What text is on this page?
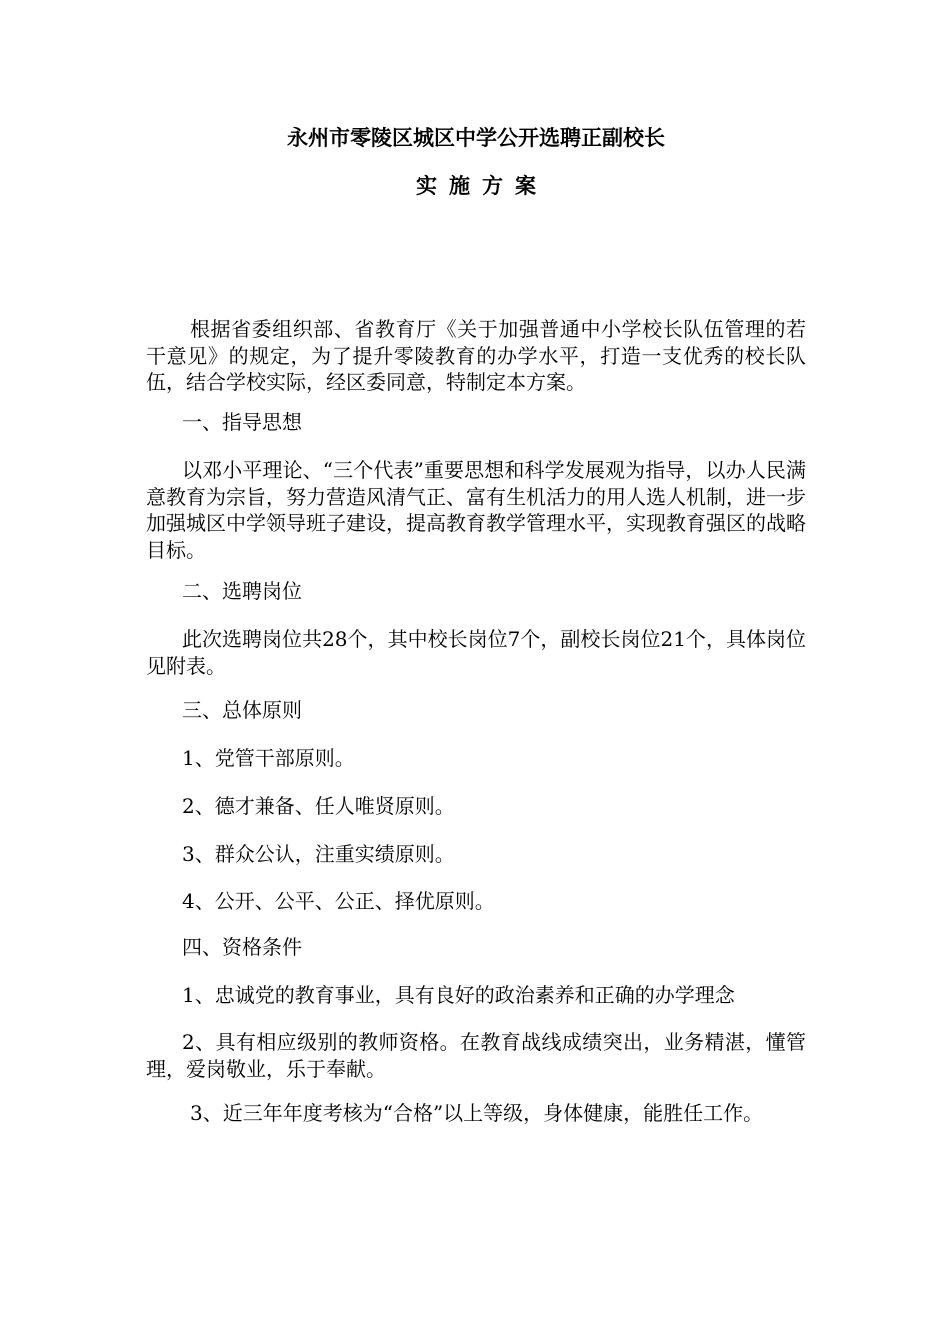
永州市零陵区城区中学公开选聘正副校长
实施方案

根据省委组织部、省教育厅《关于加强普通中小学校长队伍管理的若干意见》的规定，为了提升零陵教育的办学水平，打造一支优秀的校长队伍，结合学校实际，经区委同意，特制定本方案。

一、指导思想

以邓小平理论、“三个代表”重要思想和科学发展观为指导，以办人民满意教育为宗旨，努力营造风清气正、富有生机活力的用人选人机制，进一步加强城区中学领导班子建设，提高教育教学管理水平，实现教育强区的战略目标。

二、选聘岗位

此次选聘岗位共28个，其中校长岗位7个，副校长岗位21个，具体岗位见附表。

三、总体原则

1、党管干部原则。

2、德才兼备、任人唯贤原则。

3、群众公认，注重实绩原则。

4、公开、公平、公正、择优原则。

四、资格条件

1、忠诚党的教育事业，具有良好的政治素养和正确的办学理念

2、具有相应级别的教师资格。在教育战线成绩突出，业务精湛，懂管理，爱岗敬业，乐于奉献。

3、近三年年度考核为“合格”以上等级，身体健康，能胜任工作。
